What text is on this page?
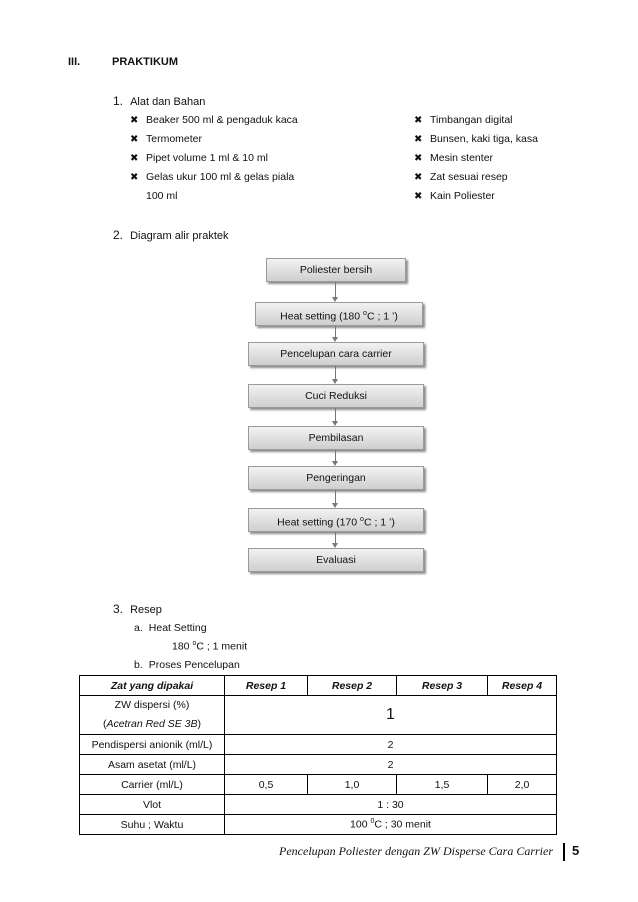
III.	PRAKTIKUM
1. Alat dan Bahan
✖ Beaker 500 ml & pengaduk kaca
✖ Termometer
✖ Pipet volume 1 ml & 10 ml
✖ Gelas ukur 100 ml & gelas piala
100 ml
✖ Timbangan digital
✖ Bunsen, kaki tiga, kasa
✖ Mesin stenter
✖ Zat sesuai resep
✖ Kain Poliester
2. Diagram alir praktek
Poliester bersih
Heat setting (180 $^o$C ; 1 ’)
Pencelupan cara carrier
Cuci Reduksi
Pembilasan
Pengeringan
Heat setting (170 $^o$C ; 1 ’)
Evaluasi
3. Resep
a. Heat Setting
180 $^o$C ; 1 menit
b. Proses Pencelupan
Zat yang dipakai	Resep 1	Resep 2	Resep 3	Resep 4

ZW dispersi (%)
(Acetran Red SE 3B)	1			
Pendispersi anionik (ml/L)	2			
Asam asetat (ml/L)	2			
Carrier (ml/L)	0,5	1,0	1,5	2,0
Vlot	1 : 30			
Suhu ; Waktu	100 $^0$C ; 30 menit			
Pencelupan Poliester dengan ZW Disperse Cara Carrier 5
